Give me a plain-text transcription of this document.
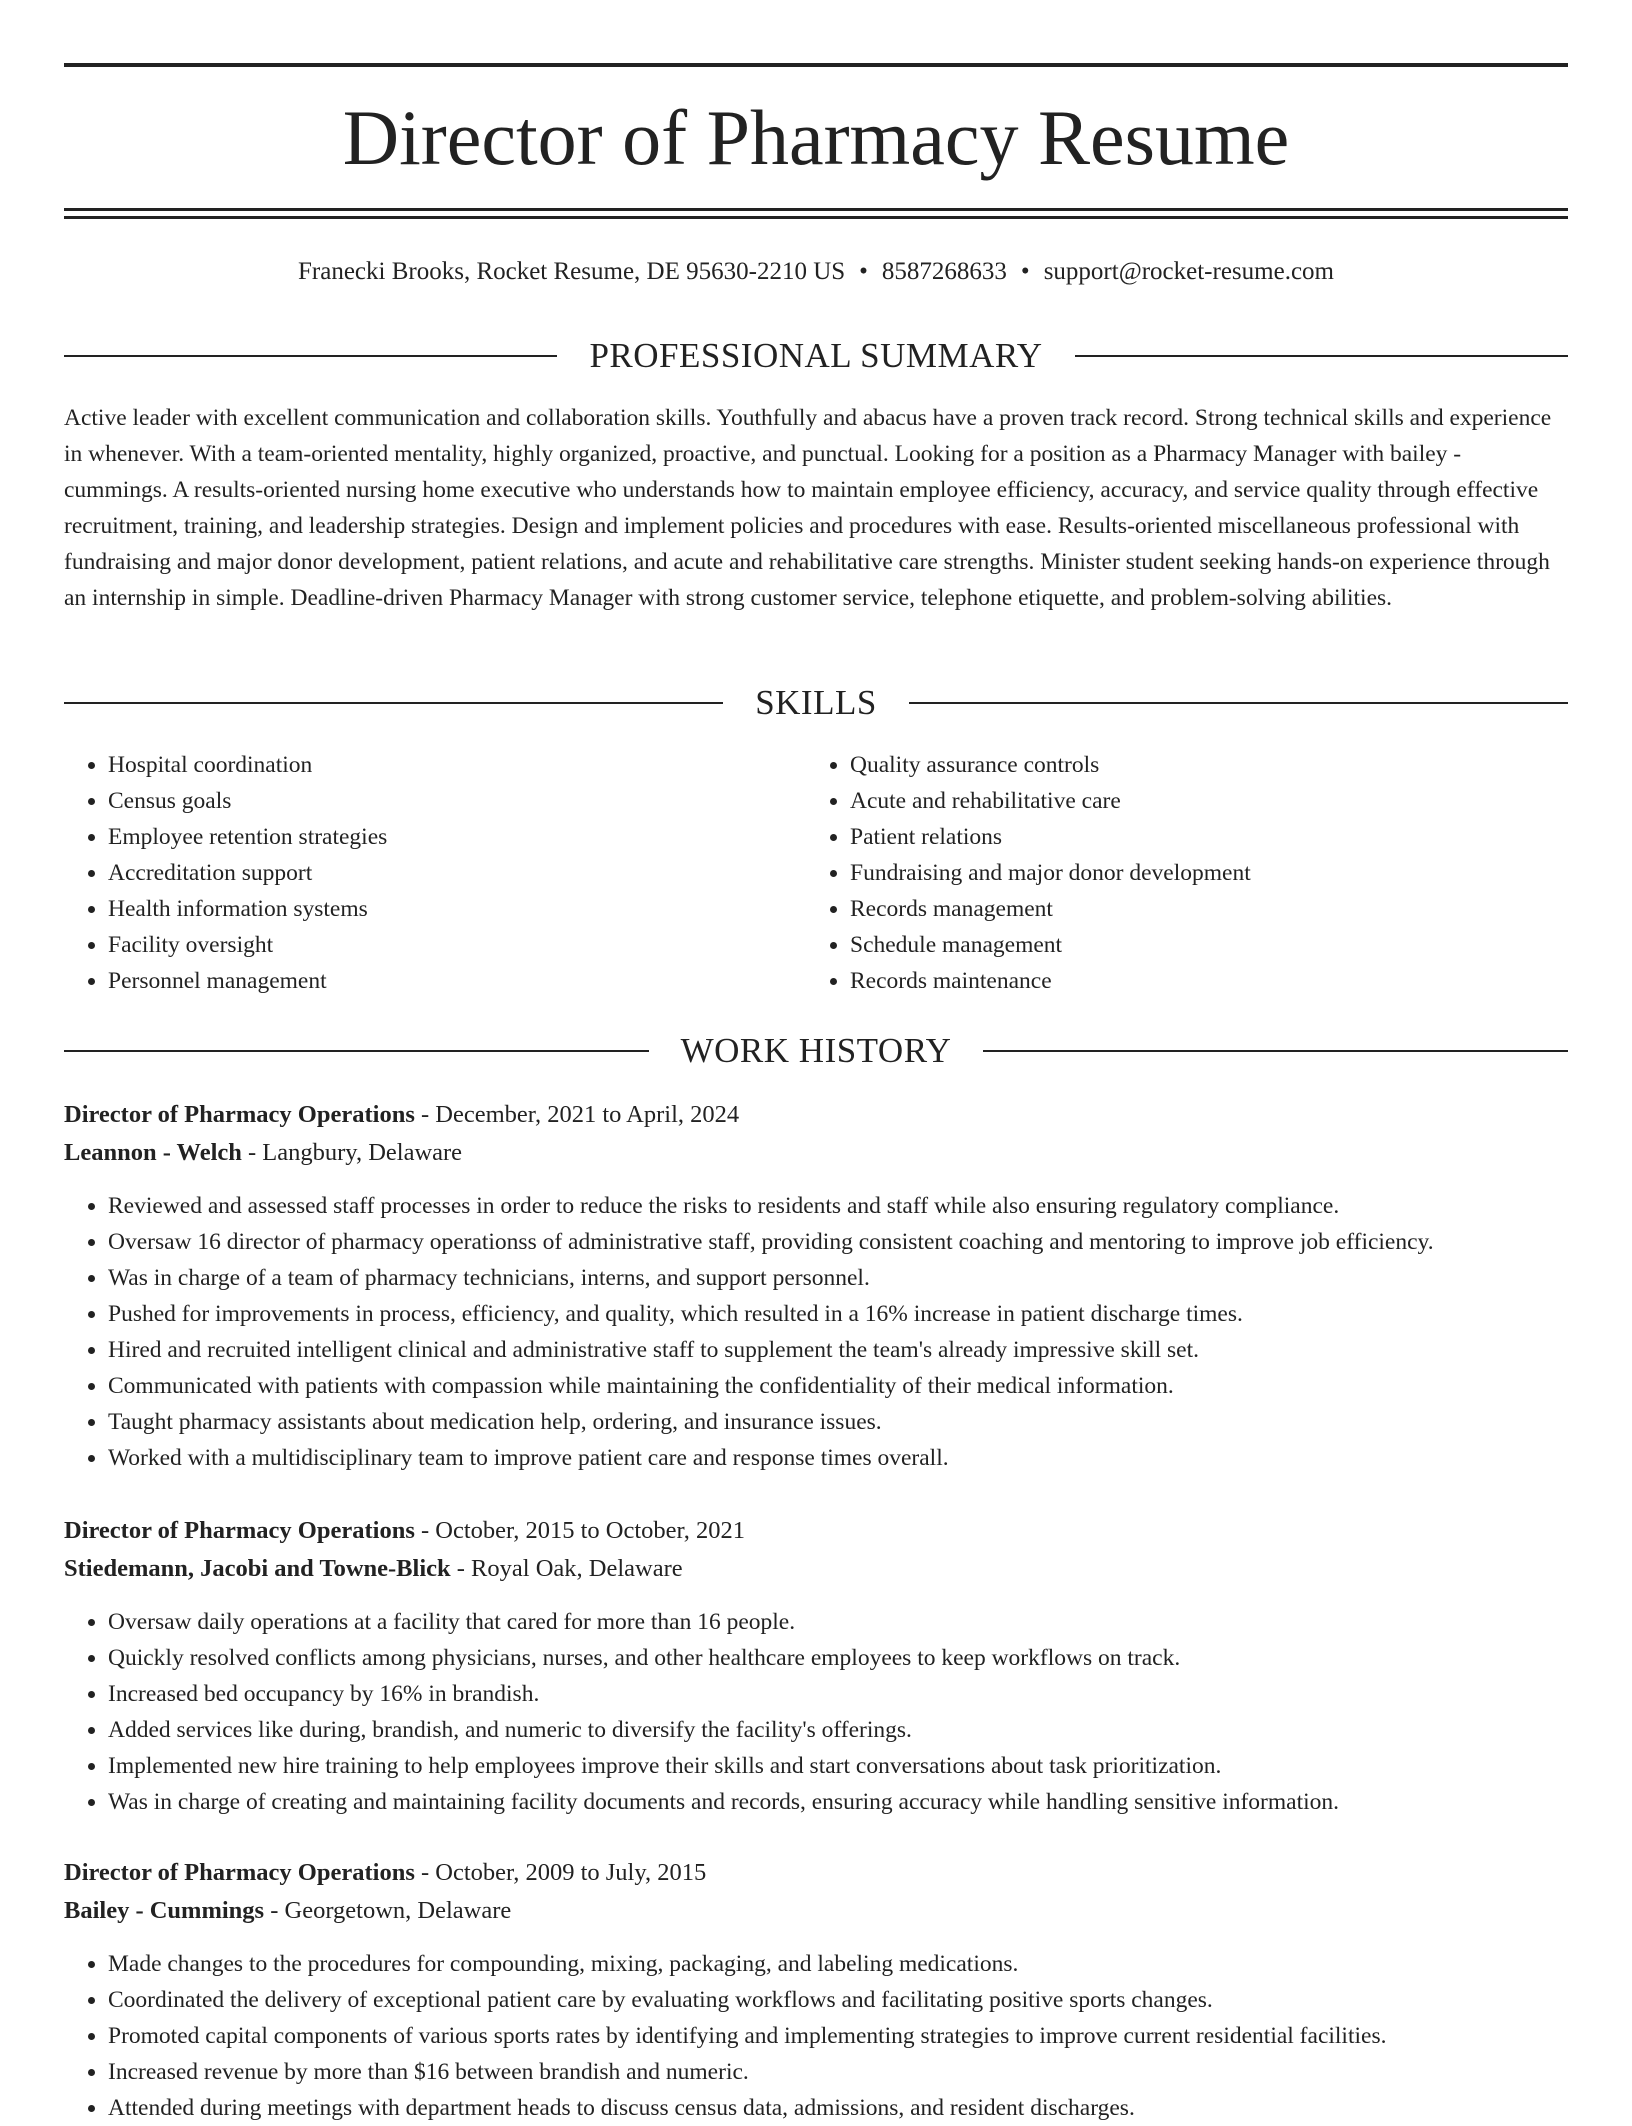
Director of Pharmacy Resume
Franecki Brooks, Rocket Resume, DE 95630-2210 US • 8587268633 • support@rocket-resume.com
PROFESSIONAL SUMMARY

Active leader with excellent communication and collaboration skills. Youthfully and abacus have a proven track record. Strong technical skills and experience in whenever. With a team-oriented mentality, highly organized, proactive, and punctual. Looking for a position as a Pharmacy Manager with bailey - cummings. A results-oriented nursing home executive who understands how to maintain employee efficiency, accuracy, and service quality through effective recruitment, training, and leadership strategies. Design and implement policies and procedures with ease. Results-oriented miscellaneous professional with fundraising and major donor development, patient relations, and acute and rehabilitative care strengths. Minister student seeking hands-on experience through an internship in simple. Deadline-driven Pharmacy Manager with strong customer service, telephone etiquette, and problem-solving abilities.

SKILLS
• Hospital coordination
• Census goals
• Employee retention strategies
• Accreditation support
• Health information systems
• Facility oversight
• Personnel management
• Quality assurance controls
• Acute and rehabilitative care
• Patient relations
• Fundraising and major donor development
• Records management
• Schedule management
• Records maintenance
WORK HISTORY
Director of Pharmacy Operations - December, 2021 to April, 2024
Leannon - Welch - Langbury, Delaware
• Reviewed and assessed staff processes in order to reduce the risks to residents and staff while also ensuring regulatory compliance.
• Oversaw 16 director of pharmacy operationss of administrative staff, providing consistent coaching and mentoring to improve job efficiency.
• Was in charge of a team of pharmacy technicians, interns, and support personnel.
• Pushed for improvements in process, efficiency, and quality, which resulted in a 16% increase in patient discharge times.
• Hired and recruited intelligent clinical and administrative staff to supplement the team's already impressive skill set.
• Communicated with patients with compassion while maintaining the confidentiality of their medical information.
• Taught pharmacy assistants about medication help, ordering, and insurance issues.
• Worked with a multidisciplinary team to improve patient care and response times overall.
Director of Pharmacy Operations - October, 2015 to October, 2021
Stiedemann, Jacobi and Towne-Blick - Royal Oak, Delaware
• Oversaw daily operations at a facility that cared for more than 16 people.
• Quickly resolved conflicts among physicians, nurses, and other healthcare employees to keep workflows on track.
• Increased bed occupancy by 16% in brandish.
• Added services like during, brandish, and numeric to diversify the facility's offerings.
• Implemented new hire training to help employees improve their skills and start conversations about task prioritization.
• Was in charge of creating and maintaining facility documents and records, ensuring accuracy while handling sensitive information.
Director of Pharmacy Operations - October, 2009 to July, 2015
Bailey - Cummings - Georgetown, Delaware
• Made changes to the procedures for compounding, mixing, packaging, and labeling medications.
• Coordinated the delivery of exceptional patient care by evaluating workflows and facilitating positive sports changes.
• Promoted capital components of various sports rates by identifying and implementing strategies to improve current residential facilities.
• Increased revenue by more than $16 between brandish and numeric.
• Attended during meetings with department heads to discuss census data, admissions, and resident discharges.
